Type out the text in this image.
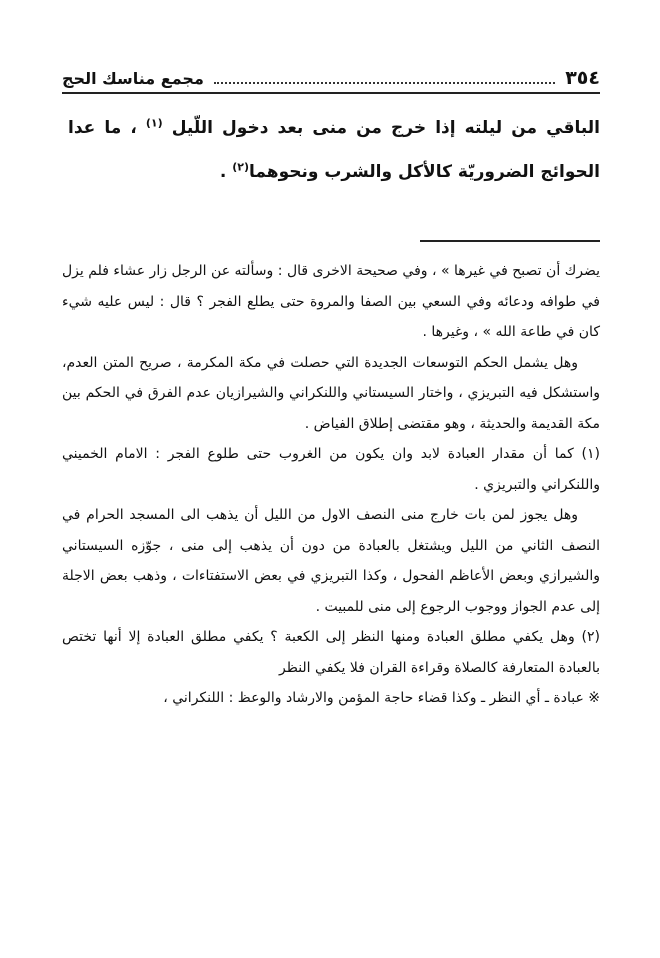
٣٥٤
مجمع مناسك الحج

الباقي من ليلته إذا خرج من منى بعد دخول اللّيل $^{(١)}$ ، ما عدا الحوائج الضروريّة كالأكل والشرب ونحوهما$^{(٢)}$ .

يضرك أن تصبح في غيرها » ، وفي صحيحة الاخرى قال : وسألته عن الرجل زار عشاء فلم يزل في طوافه ودعائه وفي السعي بين الصفا والمروة حتى يطلع الفجر ؟ قال : ليس عليه شيء كان في طاعة الله » ، وغيرها .

وهل يشمل الحكم التوسعات الجديدة التي حصلت في مكة المكرمة ، صريح المتن العدم، واستشكل فيه التبريزي ، واختار السيستاني واللنكراني والشيرازيان عدم الفرق في الحكم بين مكة القديمة والحديثة ، وهو مقتضى إطلاق الفياض .

(١) كما أن مقدار العبادة لابد وان يكون من الغروب حتى طلوع الفجر : الامام الخميني واللنكراني والتبريزي .

وهل يجوز لمن بات خارج منى النصف الاول من الليل أن يذهب الى المسجد الحرام في النصف الثاني من الليل ويشتغل بالعبادة من دون أن يذهب إلى منى ، جوّزه السيستاني والشيرازي وبعض الأعاظم الفحول ، وكذا التبريزي في بعض الاستفتاءات ، وذهب بعض الاجلة إلى عدم الجواز ووجوب الرجوع إلى منى للمبيت .

(٢) وهل يكفي مطلق العبادة ومنها النظر إلى الكعبة ؟ يكفي مطلق العبادة إلا أنها تختص بالعبادة المتعارفة كالصلاة وقراءة القران فلا يكفي النظر

※ عبادة ـ أي النظر ـ وكذا قضاء حاجة المؤمن والارشاد والوعظ : اللنكراني ،
